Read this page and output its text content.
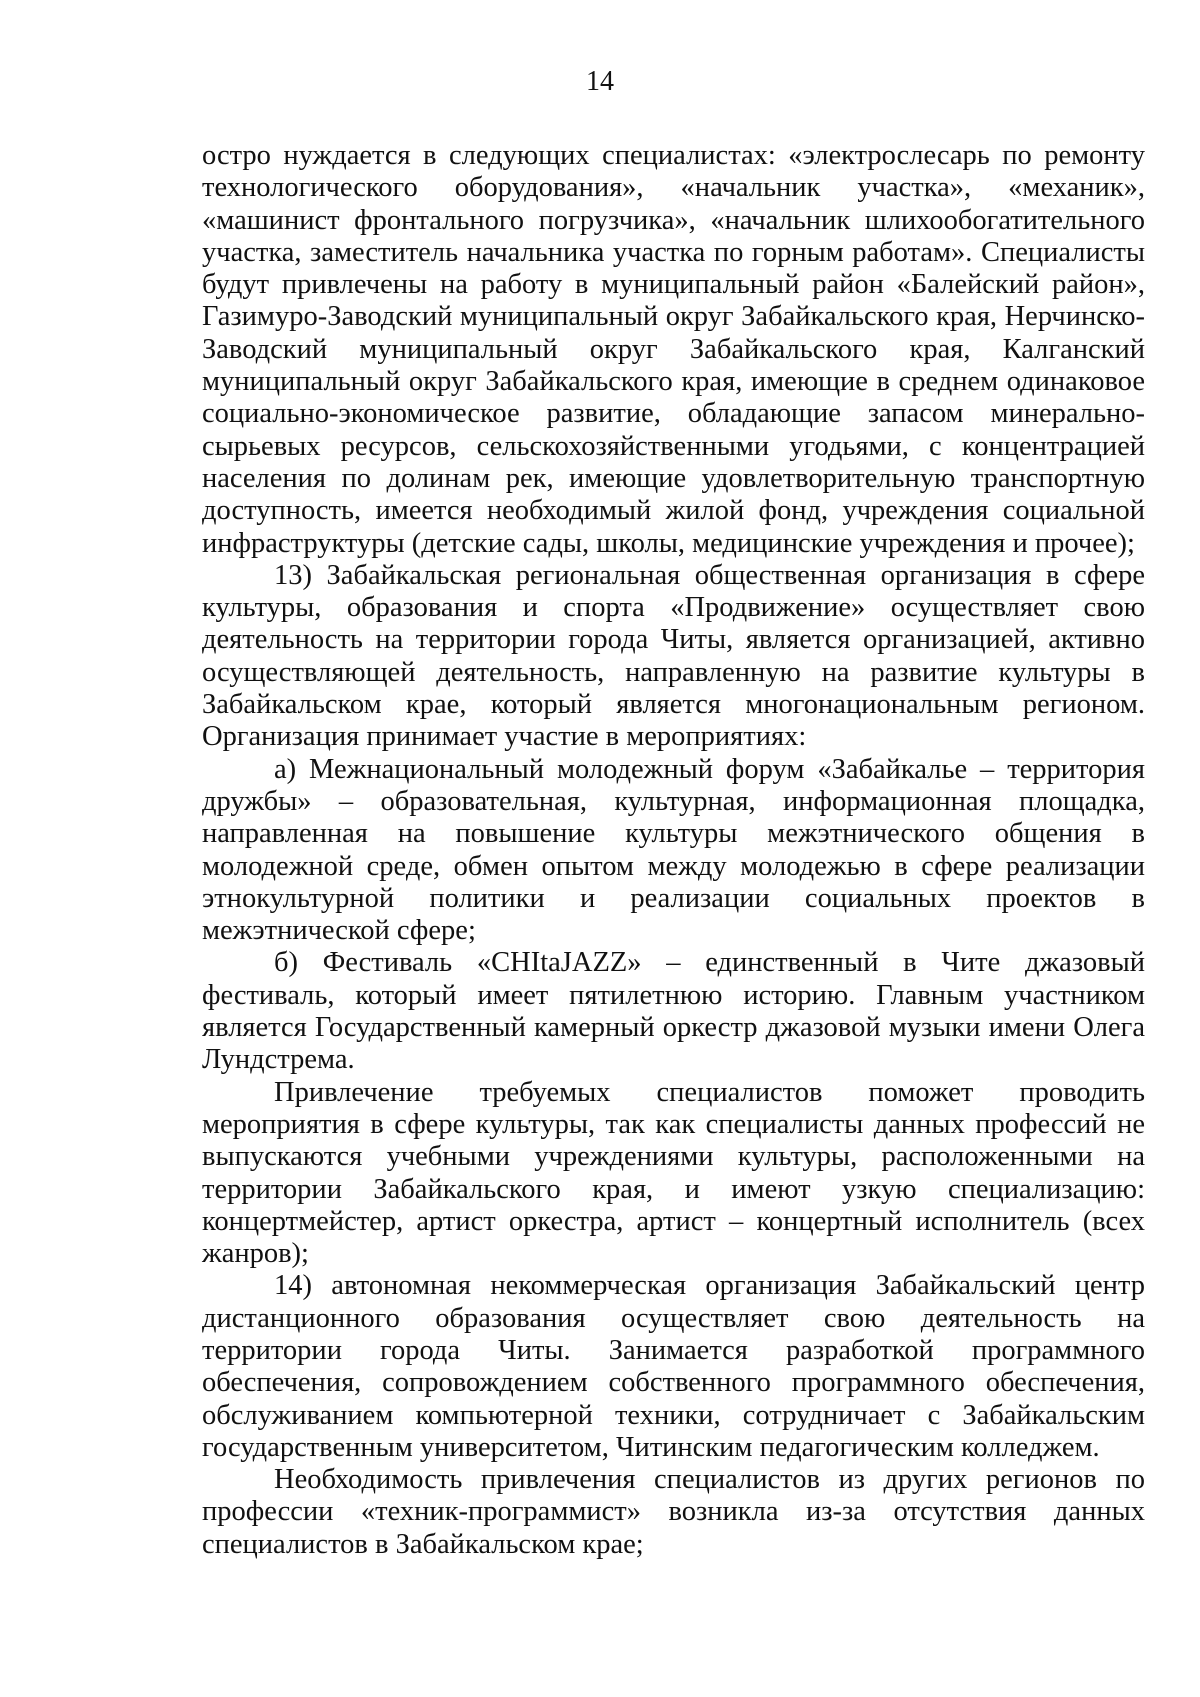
14

остро нуждается в следующих специалистах: «электрослесарь по ремонту технологического оборудования», «начальник участка», «механик», «машинист фронтального погрузчика», «начальник шлихообогатительного участка, заместитель начальника участка по горным работам». Специалисты будут привлечены на работу в муниципальный район «Балейский район», Газимуро-Заводский муниципальный округ Забайкальского края, Нерчинско-Заводский муниципальный округ Забайкальского края, Калганский муниципальный округ Забайкальского края, имеющие в среднем одинаковое социально-экономическое развитие, обладающие запасом минерально-сырьевых ресурсов, сельскохозяйственными угодьями, с концентрацией населения по долинам рек, имеющие удовлетворительную транспортную доступность, имеется необходимый жилой фонд, учреждения социальной инфраструктуры (детские сады, школы, медицинские учреждения и прочее);

13) Забайкальская региональная общественная организация в сфере культуры, образования и спорта «Продвижение» осуществляет свою деятельность на территории города Читы, является организацией, активно осуществляющей деятельность, направленную на развитие культуры в Забайкальском крае, который является многонациональным регионом. Организация принимает участие в мероприятиях:

а) Межнациональный молодежный форум «Забайкалье – территория дружбы» – образовательная, культурная, информационная площадка, направленная на повышение культуры межэтнического общения в молодежной среде, обмен опытом между молодежью в сфере реализации этнокультурной политики и реализации социальных проектов в межэтнической сфере;

б) Фестиваль «CHItaJAZZ» – единственный в Чите джазовый фестиваль, который имеет пятилетнюю историю. Главным участником является Государственный камерный оркестр джазовой музыки имени Олега Лундстрема.

Привлечение требуемых специалистов поможет проводить мероприятия в сфере культуры, так как специалисты данных профессий не выпускаются учебными учреждениями культуры, расположенными на территории Забайкальского края, и имеют узкую специализацию: концертмейстер, артист оркестра, артист – концертный исполнитель (всех жанров);

14) автономная некоммерческая организация Забайкальский центр дистанционного образования осуществляет свою деятельность на территории города Читы. Занимается разработкой программного обеспечения, сопровождением собственного программного обеспечения, обслуживанием компьютерной техники, сотрудничает с Забайкальским государственным университетом, Читинским педагогическим колледжем.

Необходимость привлечения специалистов из других регионов по профессии «техник-программист» возникла из-за отсутствия данных специалистов в Забайкальском крае;
